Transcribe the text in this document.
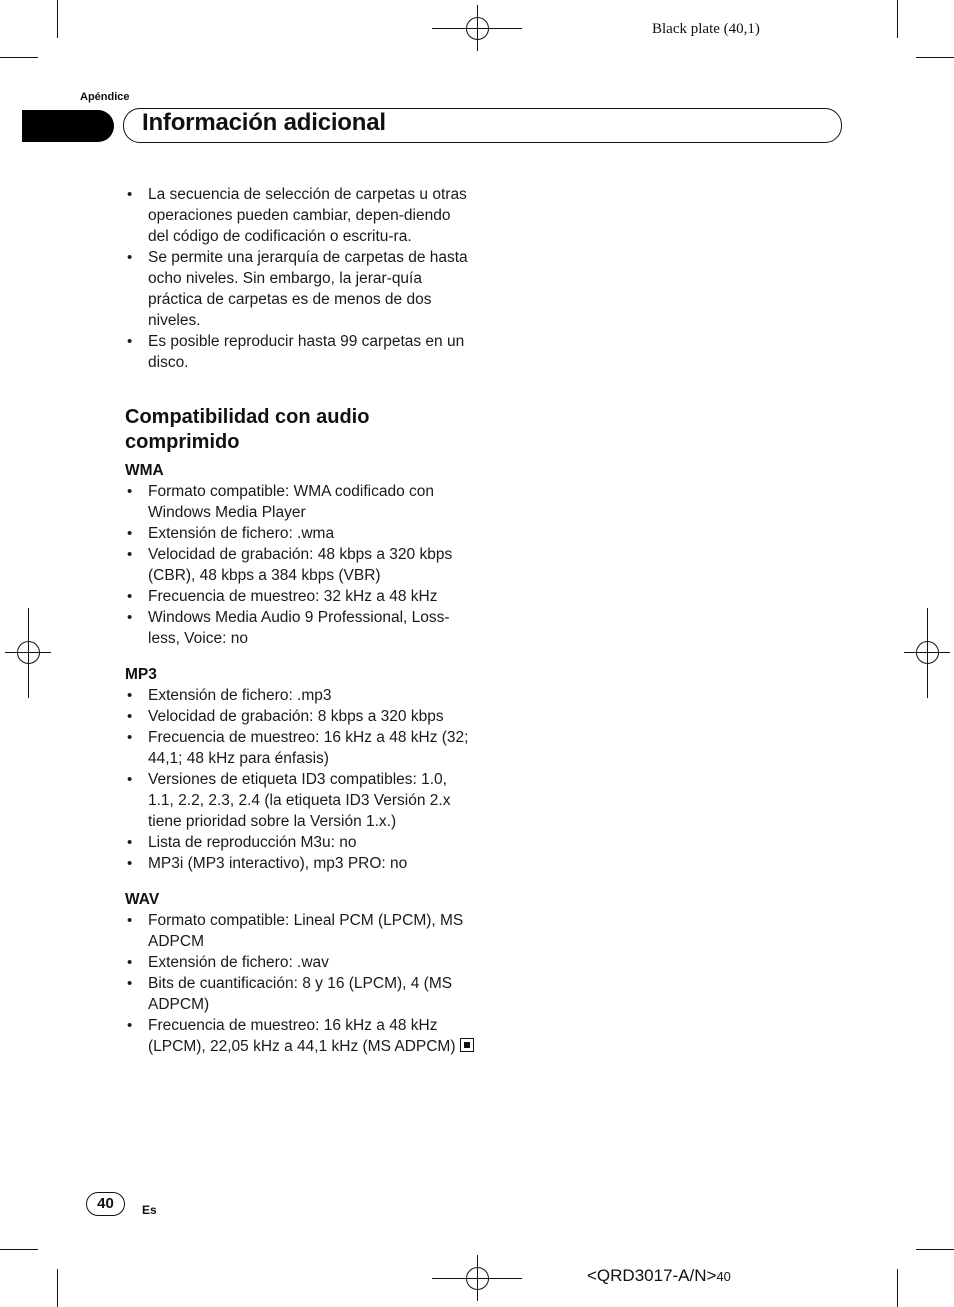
Black plate (40,1)
Apéndice
Información adicional
• La secuencia de selección de carpetas u otras operaciones pueden cambiar, depen-diendo del código de codificación o escritu-ra.
• Se permite una jerarquía de carpetas de hasta ocho niveles. Sin embargo, la jerar-quía práctica de carpetas es de menos de dos niveles.
• Es posible reproducir hasta 99 carpetas en un disco.
Compatibilidad con audio comprimido
WMA
• Formato compatible: WMA codificado con Windows Media Player
• Extensión de fichero: .wma
• Velocidad de grabación: 48 kbps a 320 kbps (CBR), 48 kbps a 384 kbps (VBR)
• Frecuencia de muestreo: 32 kHz a 48 kHz
• Windows Media Audio 9 Professional, Loss-less, Voice: no
MP3
• Extensión de fichero: .mp3
• Velocidad de grabación: 8 kbps a 320 kbps
• Frecuencia de muestreo: 16 kHz a 48 kHz (32; 44,1; 48 kHz para énfasis)
• Versiones de etiqueta ID3 compatibles: 1.0, 1.1, 2.2, 2.3, 2.4 (la etiqueta ID3 Versión 2.x tiene prioridad sobre la Versión 1.x.)
• Lista de reproducción M3u: no
• MP3i (MP3 interactivo), mp3 PRO: no
WAV
• Formato compatible: Lineal PCM (LPCM), MS ADPCM
• Extensión de fichero: .wav
• Bits de cuantificación: 8 y 16 (LPCM), 4 (MS ADPCM)
• Frecuencia de muestreo: 16 kHz a 48 kHz (LPCM), 22,05 kHz a 44,1 kHz (MS ADPCM)
40	Es
<QRD3017-A/N>40
